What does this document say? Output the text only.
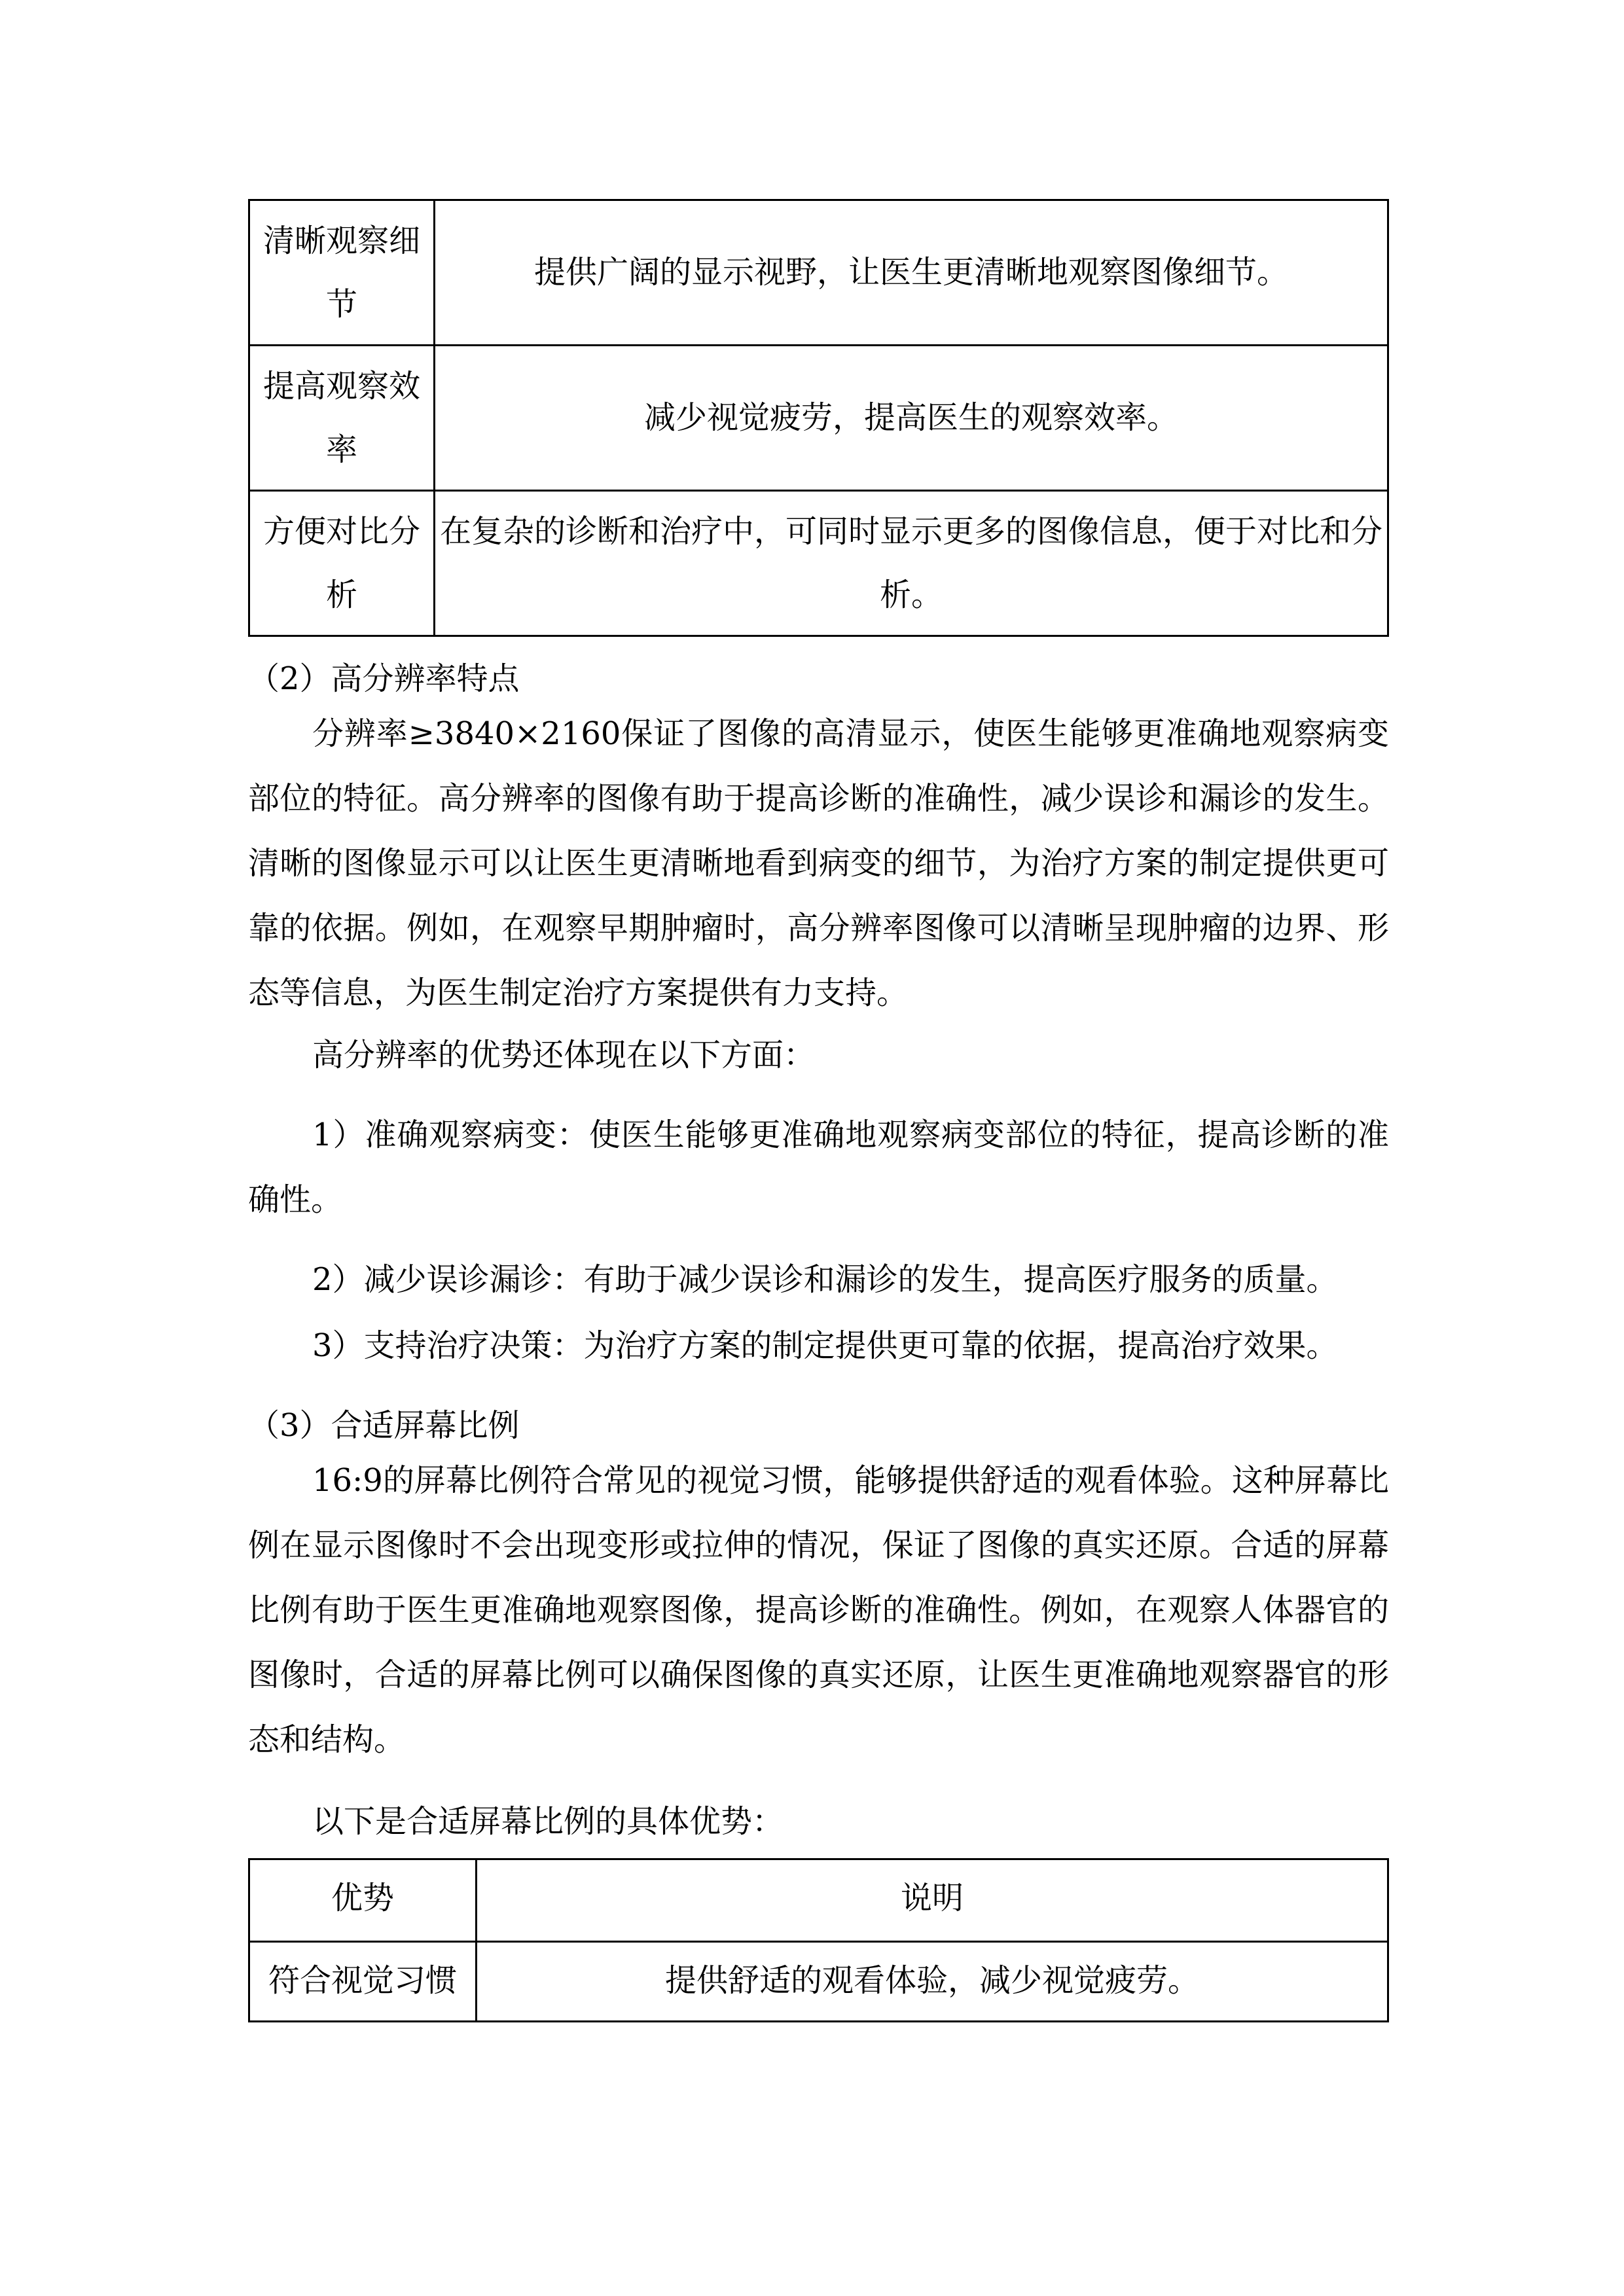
清晰观察细节	提供广阔的显示视野，让医生更清晰地观察图像细节。
提高观察效率	减少视觉疲劳，提高医生的观察效率。
方便对比分析	在复杂的诊断和治疗中，可同时显示更多的图像信息，便于对比和分析。

（2）高分辨率特点

分辨率≥3840×2160保证了图像的高清显示，使医生能够更准确地观察病变部位的特征。高分辨率的图像有助于提高诊断的准确性，减少误诊和漏诊的发生。清晰的图像显示可以让医生更清晰地看到病变的细节，为治疗方案的制定提供更可靠的依据。例如，在观察早期肿瘤时，高分辨率图像可以清晰呈现肿瘤的边界、形态等信息，为医生制定治疗方案提供有力支持。

高分辨率的优势还体现在以下方面：

1）准确观察病变：使医生能够更准确地观察病变部位的特征，提高诊断的准确性。

2）减少误诊漏诊：有助于减少误诊和漏诊的发生，提高医疗服务的质量。

3）支持治疗决策：为治疗方案的制定提供更可靠的依据，提高治疗效果。

（3）合适屏幕比例

16:9的屏幕比例符合常见的视觉习惯，能够提供舒适的观看体验。这种屏幕比例在显示图像时不会出现变形或拉伸的情况，保证了图像的真实还原。合适的屏幕比例有助于医生更准确地观察图像，提高诊断的准确性。例如，在观察人体器官的图像时，合适的屏幕比例可以确保图像的真实还原，让医生更准确地观察器官的形态和结构。

以下是合适屏幕比例的具体优势：

优势	说明
符合视觉习惯	提供舒适的观看体验，减少视觉疲劳。
